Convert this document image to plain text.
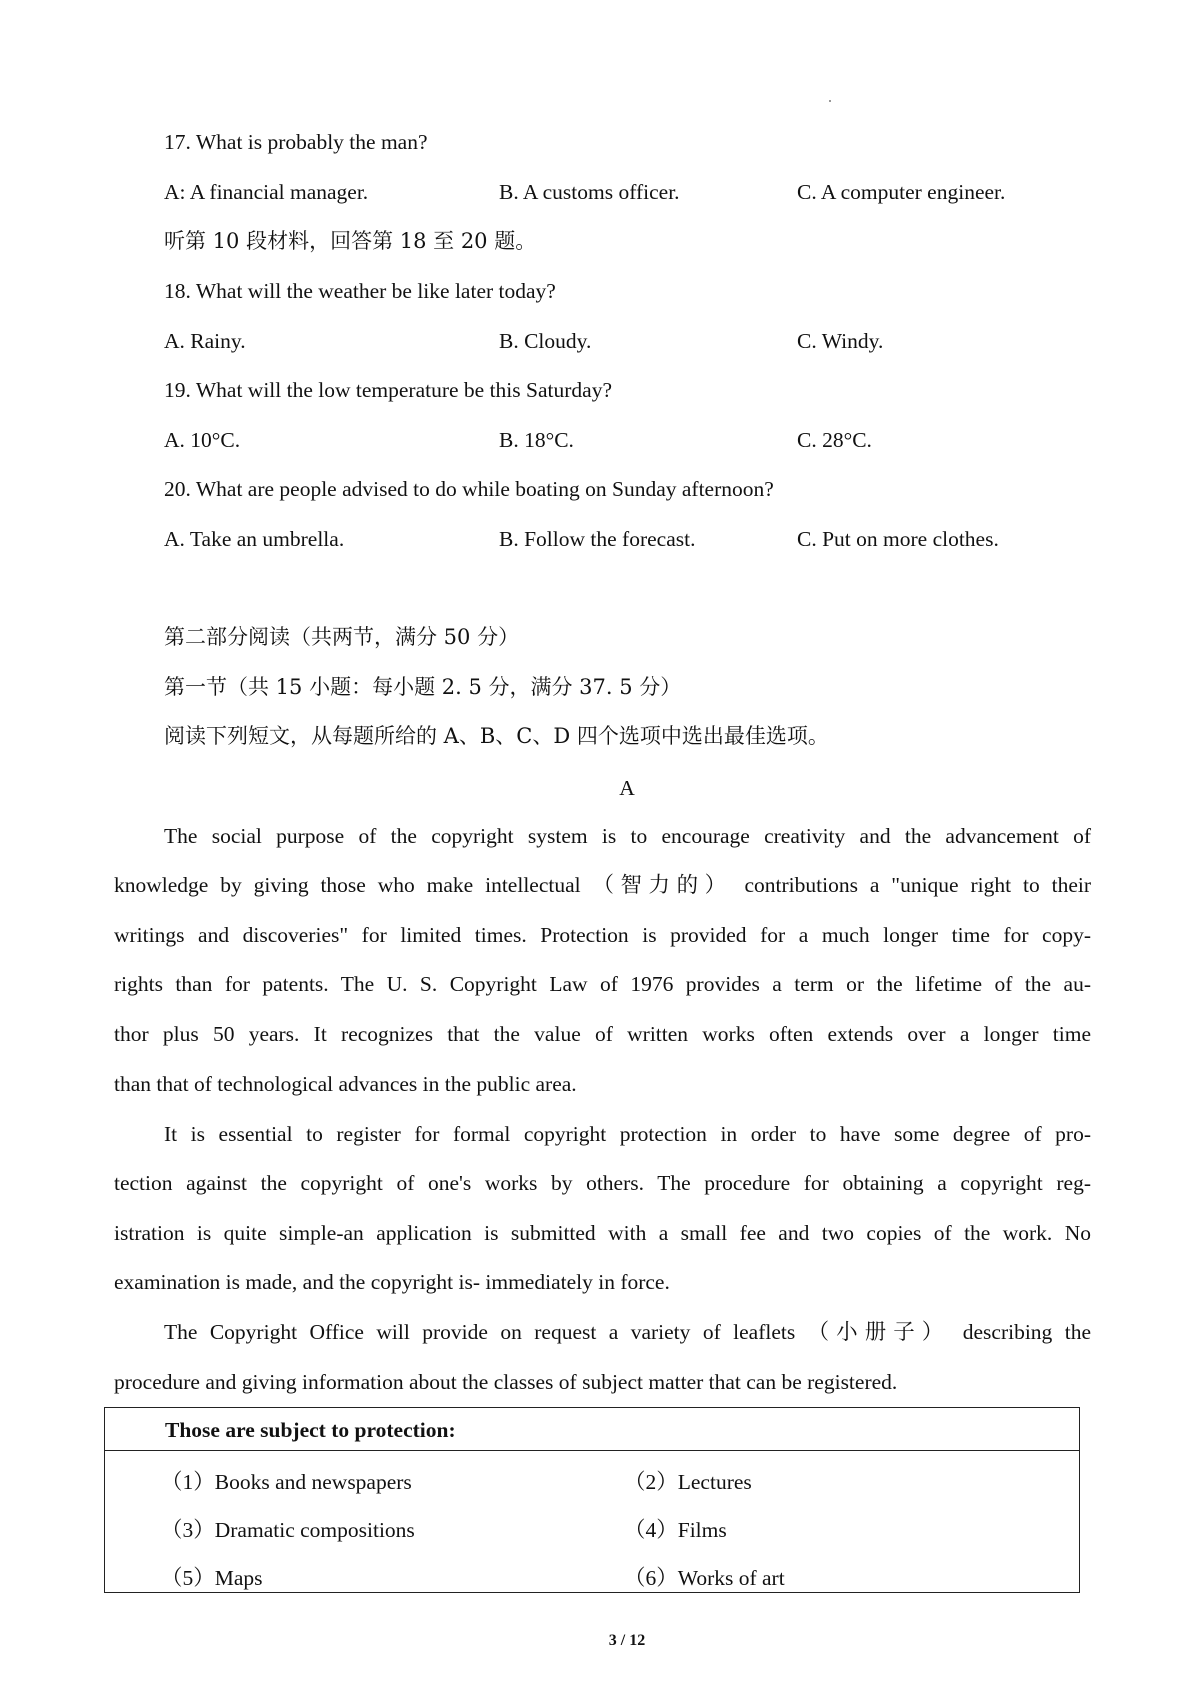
17. What is probably the man?
A: A financial manager.	B. A customs officer.	C. A computer engineer.
听第 10 段材料，回答第 18 至 20 题。
18. What will the weather be like later today?
A. Rainy.	B. Cloudy.	C. Windy.
19. What will the low temperature be this Saturday?
A. 10°C.	B. 18°C.	C. 28°C.
20. What are people advised to do while boating on Sunday afternoon?
A. Take an umbrella.	B. Follow the forecast.	C. Put on more clothes.
第二部分阅读（共两节，满分 50 分）
第一节（共 15 小题：每小题 2. 5 分，满分 37. 5 分）
阅读下列短文，从每题所给的 A、B、C、D 四个选项中选出最佳选项。
A
The social purpose of the copyright system is to encourage creativity and the advancement of
knowledge by giving those who make intellectual （智力的） contributions a "unique right to their
writings and discoveries" for limited times. Protection is provided for a much longer time for copy-
rights than for patents. The U. S. Copyright Law of 1976 provides a term or the lifetime of the au-
thor plus 50 years. It recognizes that the value of written works often extends over a longer time
than that of technological advances in the public area.
It is essential to register for formal copyright protection in order to have some degree of pro-
tection against the copyright of one's works by others. The procedure for obtaining a copyright reg-
istration is quite simple-an application is submitted with a small fee and two copies of the work. No
examination is made, and the copyright is- immediately in force.
The Copyright Office will provide on request a variety of leaflets （小册子） describing the
procedure and giving information about the classes of subject matter that can be registered.
Those are subject to protection:
（1）Books and newspapers	（2）Lectures
（3）Dramatic compositions	（4）Films
（5）Maps	（6）Works of art
3 / 12
